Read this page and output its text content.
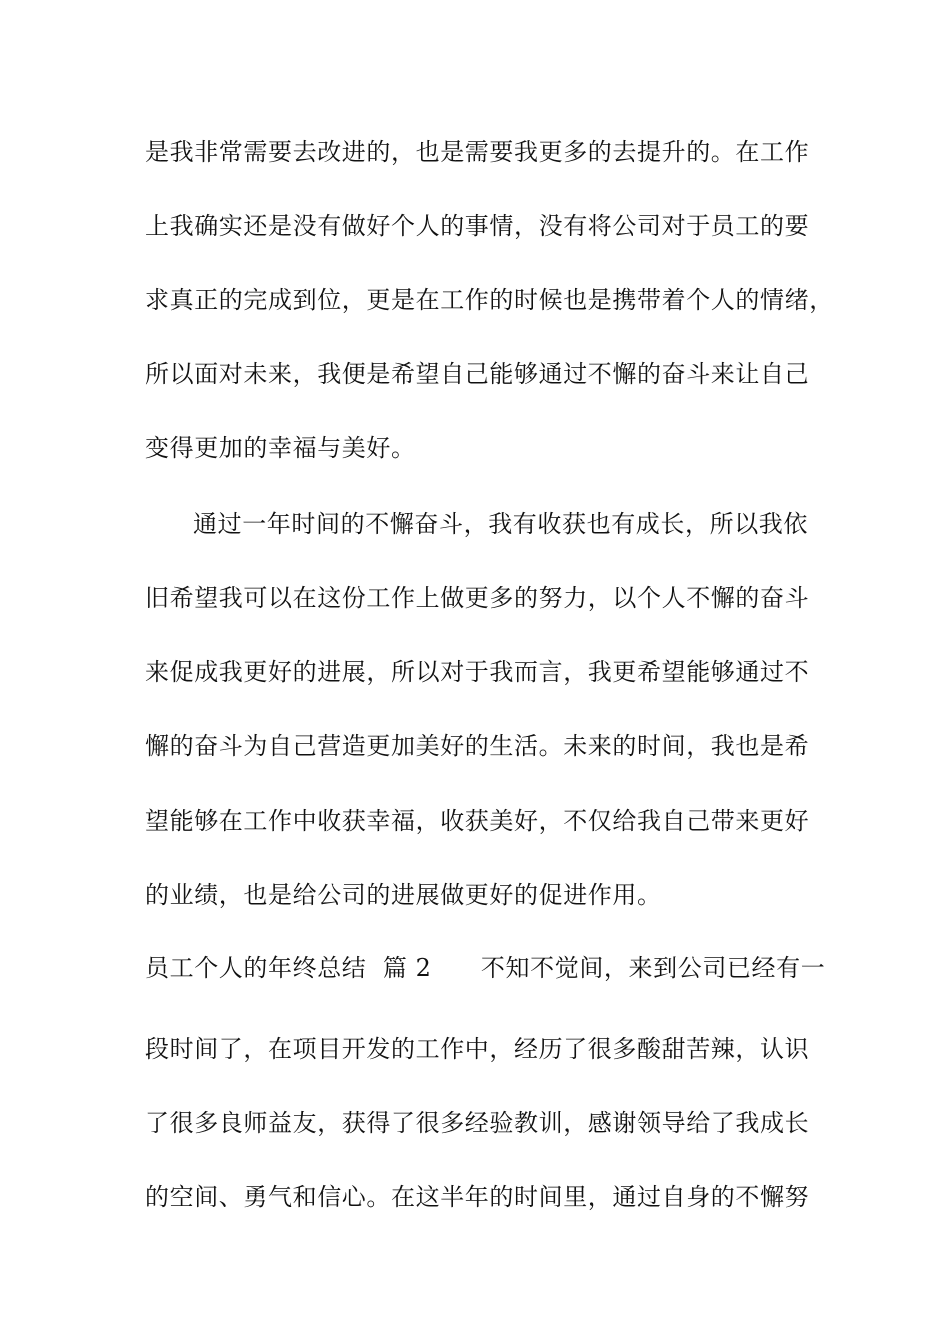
是我非常需要去改进的，也是需要我更多的去提升的。在工作
上我确实还是没有做好个人的事情，没有将公司对于员工的要
求真正的完成到位，更是在工作的时候也是携带着个人的情绪，
所以面对未来，我便是希望自己能够通过不懈的奋斗来让自己
变得更加的幸福与美好。
通过一年时间的不懈奋斗，我有收获也有成长，所以我依
旧希望我可以在这份工作上做更多的努力，以个人不懈的奋斗
来促成我更好的进展，所以对于我而言，我更希望能够通过不
懈的奋斗为自己营造更加美好的生活。未来的时间，我也是希
望能够在工作中收获幸福，收获美好，不仅给我自己带来更好
的业绩，也是给公司的进展做更好的促进作用。
员工个人的年终总结  篇 2      不知不觉间，来到公司已经有一
段时间了，在项目开发的工作中，经历了很多酸甜苦辣，认识
了很多良师益友，获得了很多经验教训，感谢领导给了我成长
的空间、勇气和信心。在这半年的时间里，通过自身的不懈努
